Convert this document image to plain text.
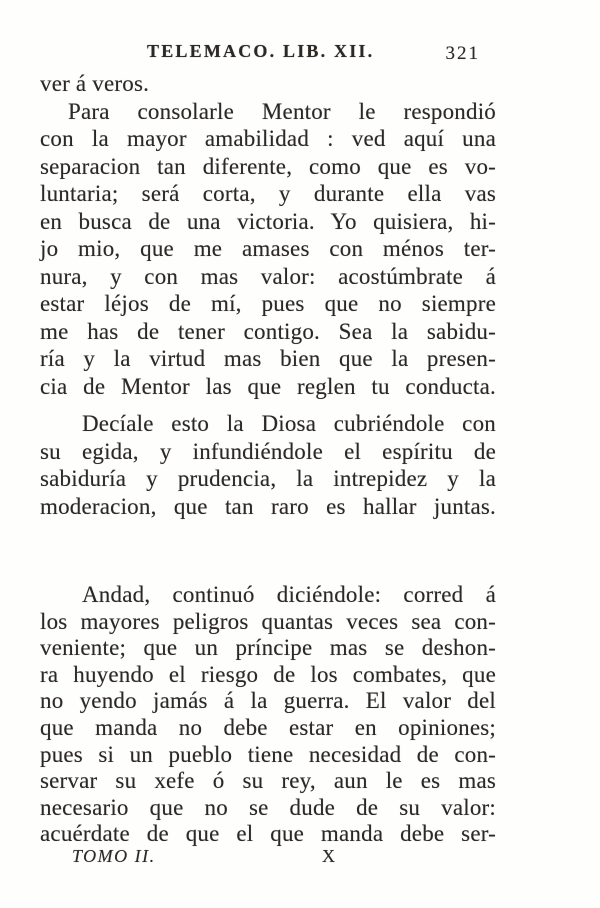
TELEMACO. LIB. XII.	321
ver á veros.
Para consolarle Mentor le respondió
con la mayor amabilidad : ved aquí una
separacion tan diferente, como que es vo-
luntaria; será corta, y durante ella vas
en busca de una victoria. Yo quisiera, hi-
jo mio, que me amases con ménos ter-
nura, y con mas valor: acostúmbrate á
estar léjos de mí, pues que no siempre
me has de tener contigo. Sea la sabidu-
ría y la virtud mas bien que la presen-
cia de Mentor las que reglen tu conducta.
Decíale esto la Diosa cubriéndole con
su egida, y infundiéndole el espíritu de
sabiduría y prudencia, la intrepidez y la
moderacion, que tan raro es hallar juntas.
Andad, continuó diciéndole: corred á
los mayores peligros quantas veces sea con-
veniente; que un príncipe mas se deshon-
ra huyendo el riesgo de los combates, que
no yendo jamás á la guerra. El valor del
que manda no debe estar en opiniones;
pues si un pueblo tiene necesidad de con-
servar su xefe ó su rey, aun le es mas
necesario que no se dude de su valor:
acuérdate de que el que manda debe ser-
TOMO II.	X
